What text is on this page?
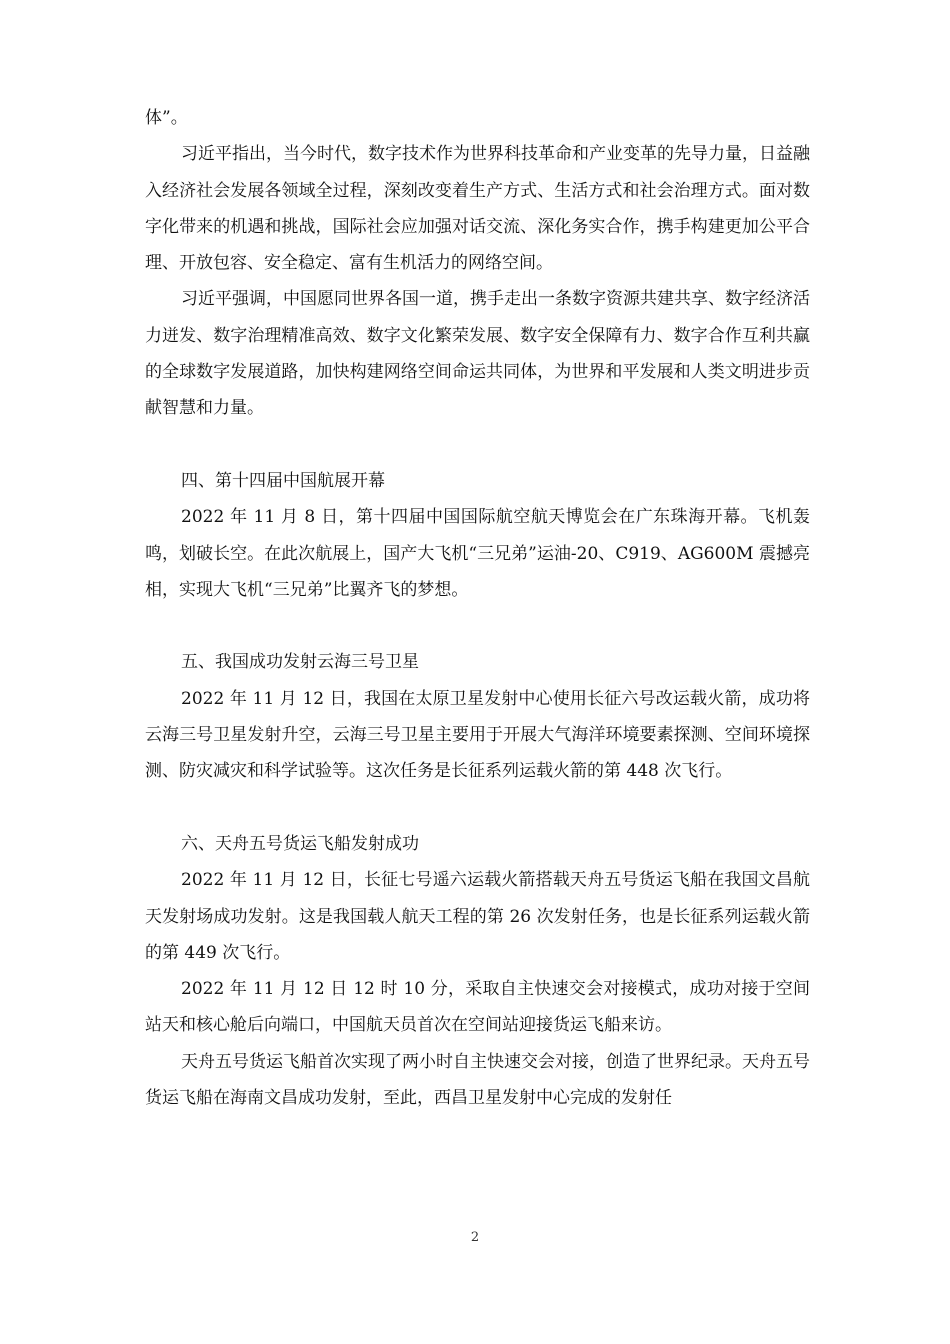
体”。

习近平指出，当今时代，数字技术作为世界科技革命和产业变革的先导力量，日益融入经济社会发展各领域全过程，深刻改变着生产方式、生活方式和社会治理方式。面对数字化带来的机遇和挑战，国际社会应加强对话交流、深化务实合作，携手构建更加公平合理、开放包容、安全稳定、富有生机活力的网络空间。

习近平强调，中国愿同世界各国一道，携手走出一条数字资源共建共享、数字经济活力迸发、数字治理精准高效、数字文化繁荣发展、数字安全保障有力、数字合作互利共赢的全球数字发展道路，加快构建网络空间命运共同体，为世界和平发展和人类文明进步贡献智慧和力量。

四、第十四届中国航展开幕

2022 年 11 月 8 日，第十四届中国国际航空航天博览会在广东珠海开幕。飞机轰鸣，划破长空。在此次航展上，国产大飞机“三兄弟”运油-20、C919、AG600M 震撼亮相，实现大飞机“三兄弟”比翼齐飞的梦想。

五、我国成功发射云海三号卫星

2022 年 11 月 12 日，我国在太原卫星发射中心使用长征六号改运载火箭，成功将云海三号卫星发射升空，云海三号卫星主要用于开展大气海洋环境要素探测、空间环境探测、防灾减灾和科学试验等。这次任务是长征系列运载火箭的第 448 次飞行。

六、天舟五号货运飞船发射成功

2022 年 11 月 12 日，长征七号遥六运载火箭搭载天舟五号货运飞船在我国文昌航天发射场成功发射。这是我国载人航天工程的第 26 次发射任务，也是长征系列运载火箭的第 449 次飞行。

2022 年 11 月 12 日 12 时 10 分，采取自主快速交会对接模式，成功对接于空间站天和核心舱后向端口，中国航天员首次在空间站迎接货运飞船来访。

天舟五号货运飞船首次实现了两小时自主快速交会对接，创造了世界纪录。天舟五号货运飞船在海南文昌成功发射，至此，西昌卫星发射中心完成的发射任

2
